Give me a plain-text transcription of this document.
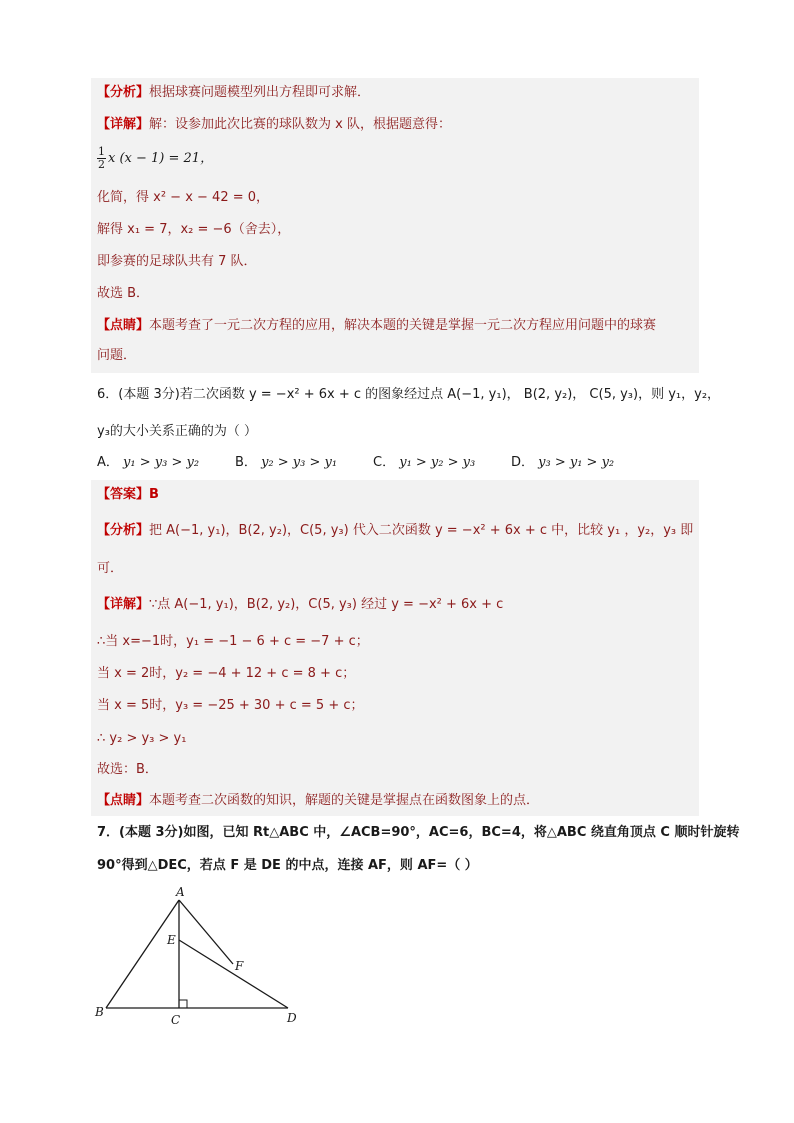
【分析】根据球赛问题模型列出方程即可求解．
【详解】解：设参加此次比赛的球队数为 x 队，根据题意得：
$\frac{1}{2}$ x (x − 1) = 21，
化简，得 x² − x − 42 = 0，
解得 x₁ = 7，x₂ = −6（舍去），
即参赛的足球队共有 7 队．
故选 B．
【点睛】本题考查了一元二次方程的应用，解决本题的关键是掌握一元二次方程应用问题中的球赛
问题．
6．(本题 3分)若二次函数 y = −x² + 6x + c 的图象经过点 A(−1, y₁)， B(2, y₂)， C(5, y₃)，则 y₁，y₂，
y₃的大小关系正确的为（ ）
A． y₁ > y₃ > y₂	B． y₂ > y₃ > y₁	C． y₁ > y₂ > y₃	D． y₃ > y₁ > y₂
【答案】B
【分析】把 A(−1, y₁)，B(2, y₂)，C(5, y₃) 代入二次函数 y = −x² + 6x + c 中，比较 y₁ ，y₂，y₃ 即
可．
【详解】∵点 A(−1, y₁)，B(2, y₂)，C(5, y₃) 经过 y = −x² + 6x + c
∴当 x=−1时，y₁ = −1 − 6 + c = −7 + c；
当 x = 2时，y₂ = −4 + 12 + c = 8 + c；
当 x = 5时，y₃ = −25 + 30 + c = 5 + c；
∴ y₂ > y₃ > y₁
故选：B．
【点睛】本题考查二次函数的知识，解题的关键是掌握点在函数图象上的点．
7．(本题 3分)如图，已知 Rt△ABC 中，∠ACB=90°，AC=6，BC=4，将△ABC 绕直角顶点 C 顺时针旋转
90°得到△DEC，若点 F 是 DE 的中点，连接 AF，则 AF=（ ）
A
B
C	D
E
F
